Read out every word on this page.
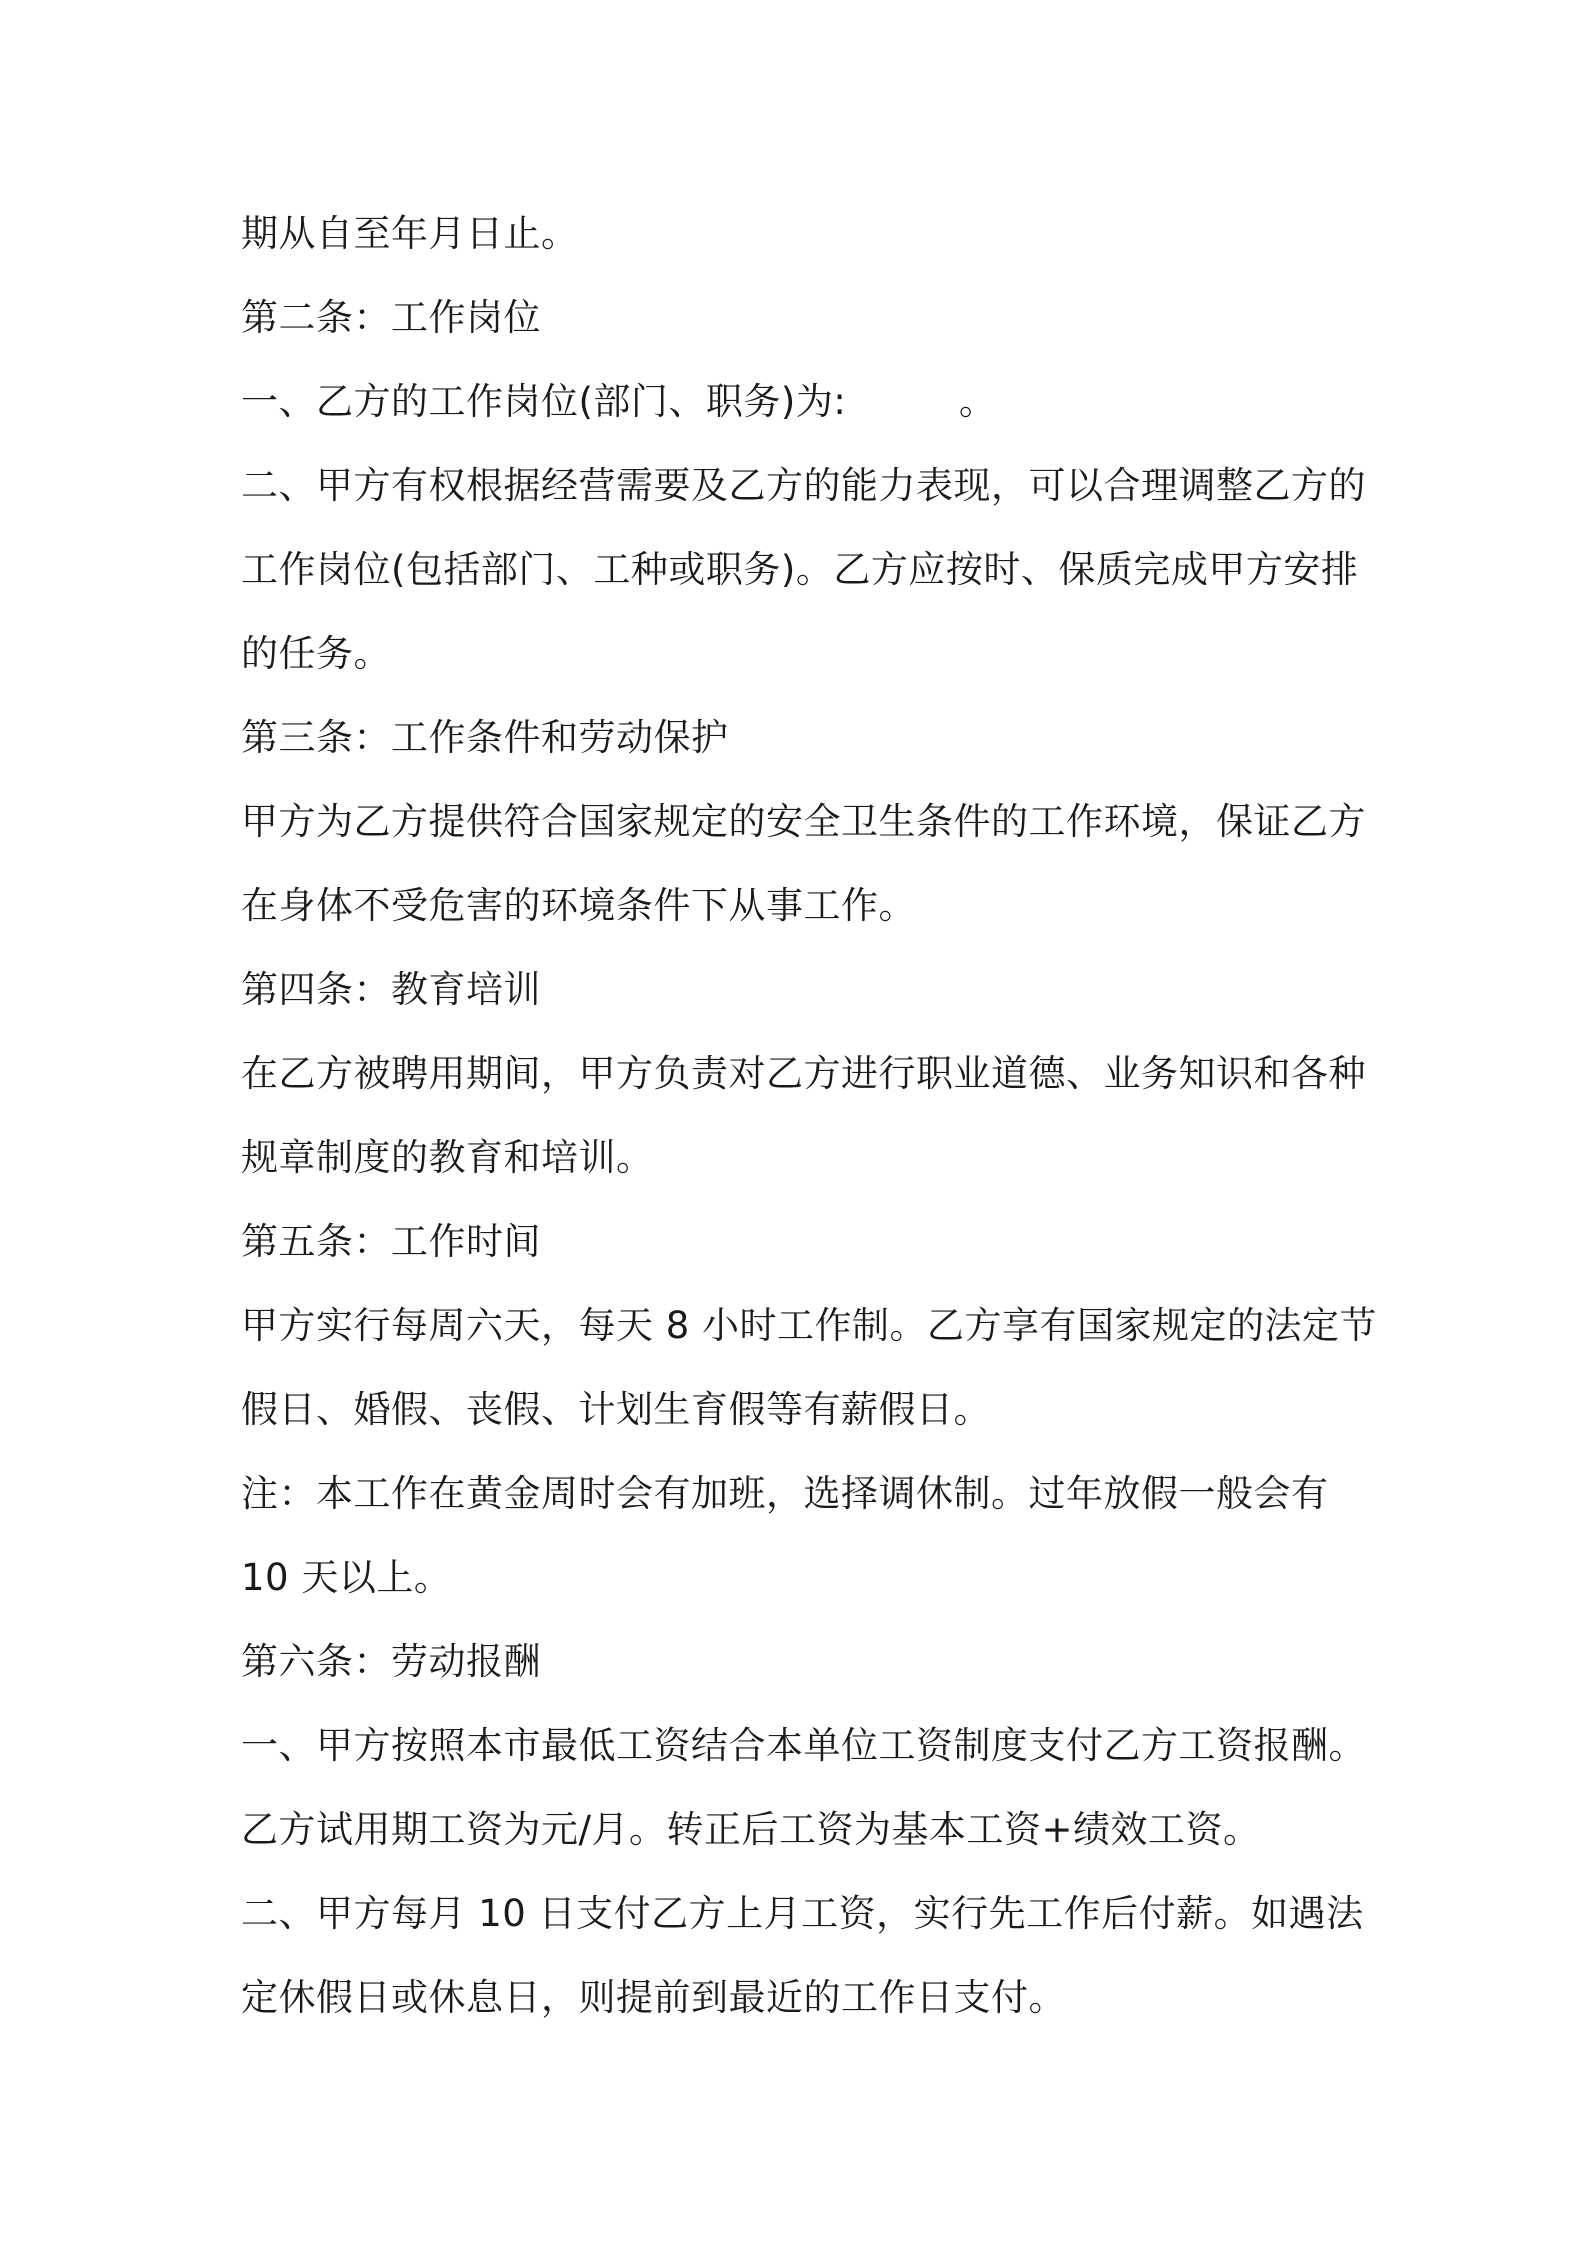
期从自至年月日止。
第二条：工作岗位
一、乙方的工作岗位(部门、职务)为:　　　。
二、甲方有权根据经营需要及乙方的能力表现，可以合理调整乙方的
工作岗位(包括部门、工种或职务)。乙方应按时、保质完成甲方安排
的任务。
第三条：工作条件和劳动保护
甲方为乙方提供符合国家规定的安全卫生条件的工作环境，保证乙方
在身体不受危害的环境条件下从事工作。
第四条：教育培训
在乙方被聘用期间，甲方负责对乙方进行职业道德、业务知识和各种
规章制度的教育和培训。
第五条：工作时间
甲方实行每周六天，每天 8 小时工作制。乙方享有国家规定的法定节
假日、婚假、丧假、计划生育假等有薪假日。
注：本工作在黄金周时会有加班，选择调休制。过年放假一般会有
10 天以上。
第六条：劳动报酬
一、甲方按照本市最低工资结合本单位工资制度支付乙方工资报酬。
乙方试用期工资为元/月。转正后工资为基本工资+绩效工资。
二、甲方每月 10 日支付乙方上月工资，实行先工作后付薪。如遇法
定休假日或休息日，则提前到最近的工作日支付。
